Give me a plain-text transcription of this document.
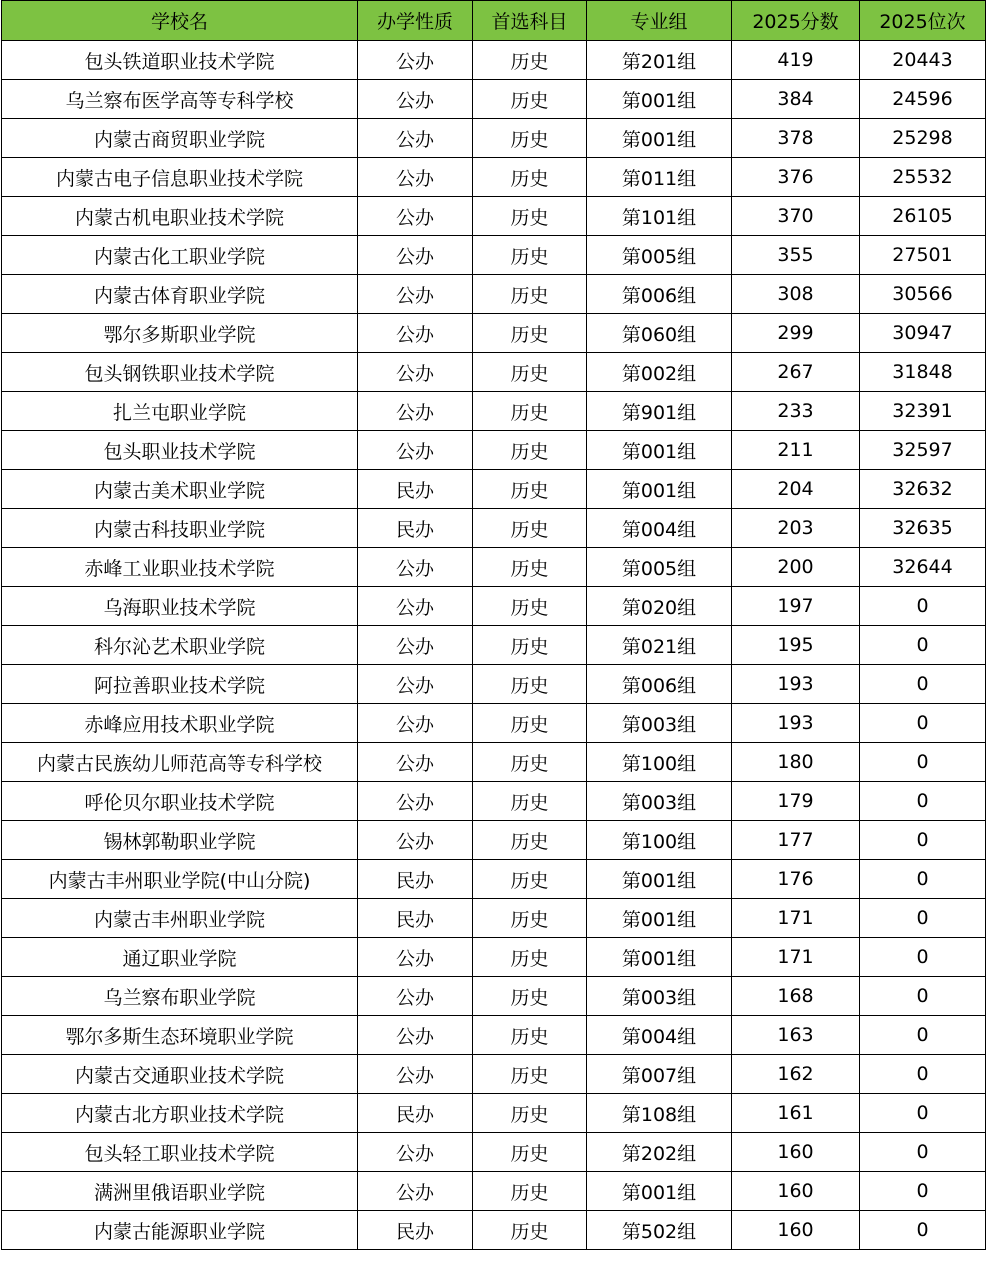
学校名	办学性质	首选科目	专业组	2025分数	2025位次
包头铁道职业技术学院	公办	历史	第201组	419	20443
乌兰察布医学高等专科学校	公办	历史	第001组	384	24596
内蒙古商贸职业学院	公办	历史	第001组	378	25298
内蒙古电子信息职业技术学院	公办	历史	第011组	376	25532
内蒙古机电职业技术学院	公办	历史	第101组	370	26105
内蒙古化工职业学院	公办	历史	第005组	355	27501
内蒙古体育职业学院	公办	历史	第006组	308	30566
鄂尔多斯职业学院	公办	历史	第060组	299	30947
包头钢铁职业技术学院	公办	历史	第002组	267	31848
扎兰屯职业学院	公办	历史	第901组	233	32391
包头职业技术学院	公办	历史	第001组	211	32597
内蒙古美术职业学院	民办	历史	第001组	204	32632
内蒙古科技职业学院	民办	历史	第004组	203	32635
赤峰工业职业技术学院	公办	历史	第005组	200	32644
乌海职业技术学院	公办	历史	第020组	197	0
科尔沁艺术职业学院	公办	历史	第021组	195	0
阿拉善职业技术学院	公办	历史	第006组	193	0
赤峰应用技术职业学院	公办	历史	第003组	193	0
内蒙古民族幼儿师范高等专科学校	公办	历史	第100组	180	0
呼伦贝尔职业技术学院	公办	历史	第003组	179	0
锡林郭勒职业学院	公办	历史	第100组	177	0
内蒙古丰州职业学院(中山分院)	民办	历史	第001组	176	0
内蒙古丰州职业学院	民办	历史	第001组	171	0
通辽职业学院	公办	历史	第001组	171	0
乌兰察布职业学院	公办	历史	第003组	168	0
鄂尔多斯生态环境职业学院	公办	历史	第004组	163	0
内蒙古交通职业技术学院	公办	历史	第007组	162	0
内蒙古北方职业技术学院	民办	历史	第108组	161	0
包头轻工职业技术学院	公办	历史	第202组	160	0
满洲里俄语职业学院	公办	历史	第001组	160	0
内蒙古能源职业学院	民办	历史	第502组	160	0
